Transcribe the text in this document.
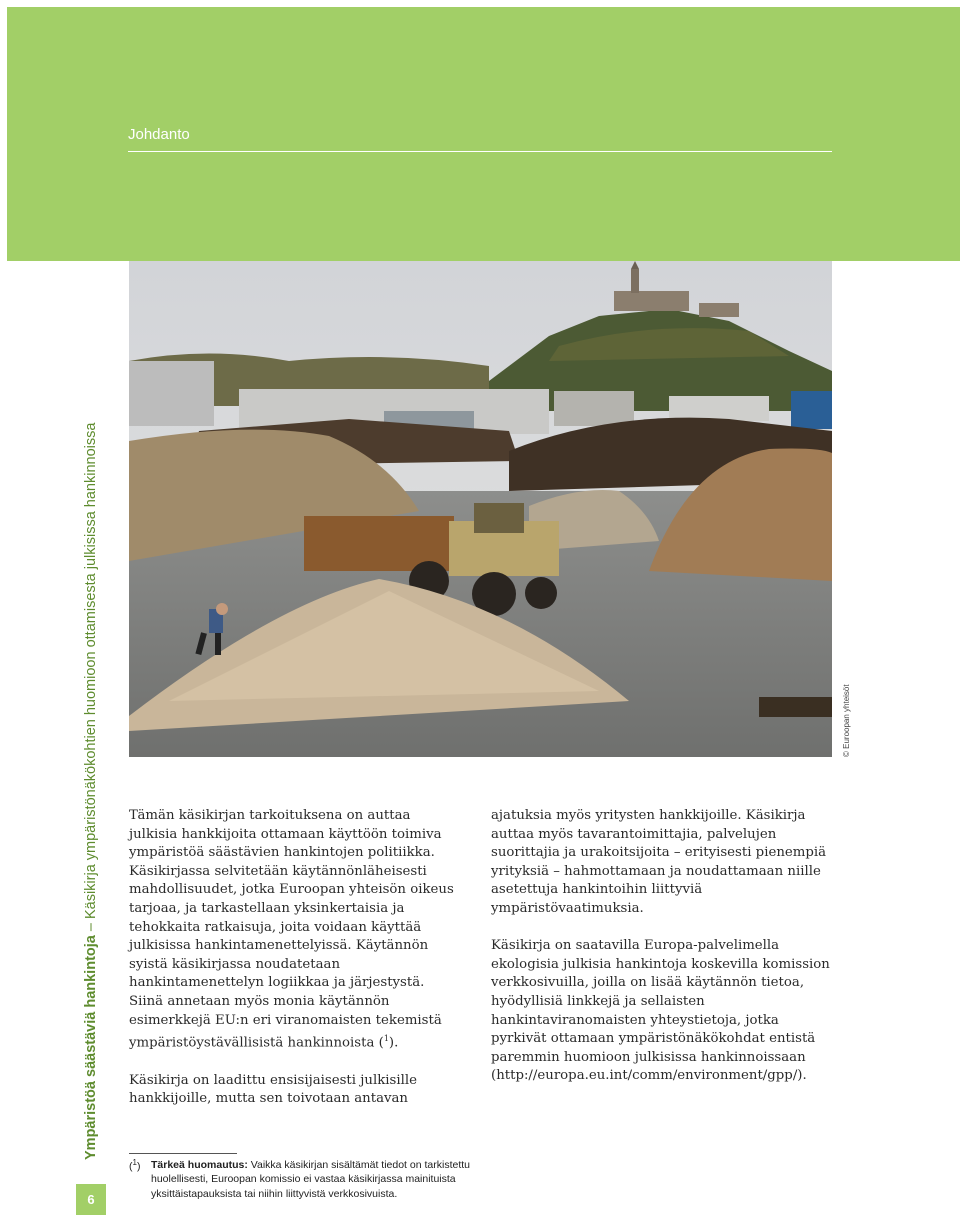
Johdanto
Ympäristöä säästäviä hankintoja – Käsikirja ympäristönäkökohtien huomioon ottamisesta julkisissa hankinnoissa
6
© Euroopan yhteisöt

Tämän käsikirjan tarkoituksena on auttaa julkisia hankkijoita ottamaan käyttöön toimiva ympäristöä säästävien hankintojen politiikka. Käsikirjassa selvitetään käytännönläheisesti mahdollisuudet, jotka Euroopan yhteisön oikeus tarjoaa, ja tarkastellaan yksinkertaisia ja tehokkaita ratkaisuja, joita voidaan käyttää julkisissa hankintamenettelyissä. Käytännön syistä käsikirjassa noudatetaan hankintamenettelyn logiikkaa ja järjestystä. Siinä annetaan myös monia käytännön esimerkkejä EU:n eri viranomaisten tekemistä ympäristöystävällisistä hankinnoista ($^1$).

Käsikirja on laadittu ensisijaisesti julkisille hankkijoille, mutta sen toivotaan antavan

ajatuksia myös yritysten hankkijoille. Käsikirja auttaa myös tavarantoimittajia, palvelujen suorittajia ja urakoitsijoita – erityisesti pienempiä yrityksiä – hahmottamaan ja noudattamaan niille asetettuja hankintoihin liittyviä ympäristövaatimuksia.

Käsikirja on saatavilla Europa-palvelimella ekologisia julkisia hankintoja koskevilla komission verkkosivuilla, joilla on lisää käytännön tietoa, hyödyllisiä linkkejä ja sellaisten hankintaviranomaisten yhteystietoja, jotka pyrkivät ottamaan ympäristönäkökohdat entistä paremmin huomioon julkisissa hankinnoissaan (http://europa.eu.int/comm/environment/gpp/).

($^1$) Tärkeä huomautus: Vaikka käsikirjan sisältämät tiedot on tarkistettu huolellisesti, Euroopan komissio ei vastaa käsikirjassa mainituista yksittäistapauksista tai niihin liittyvistä verkkosivuista.
